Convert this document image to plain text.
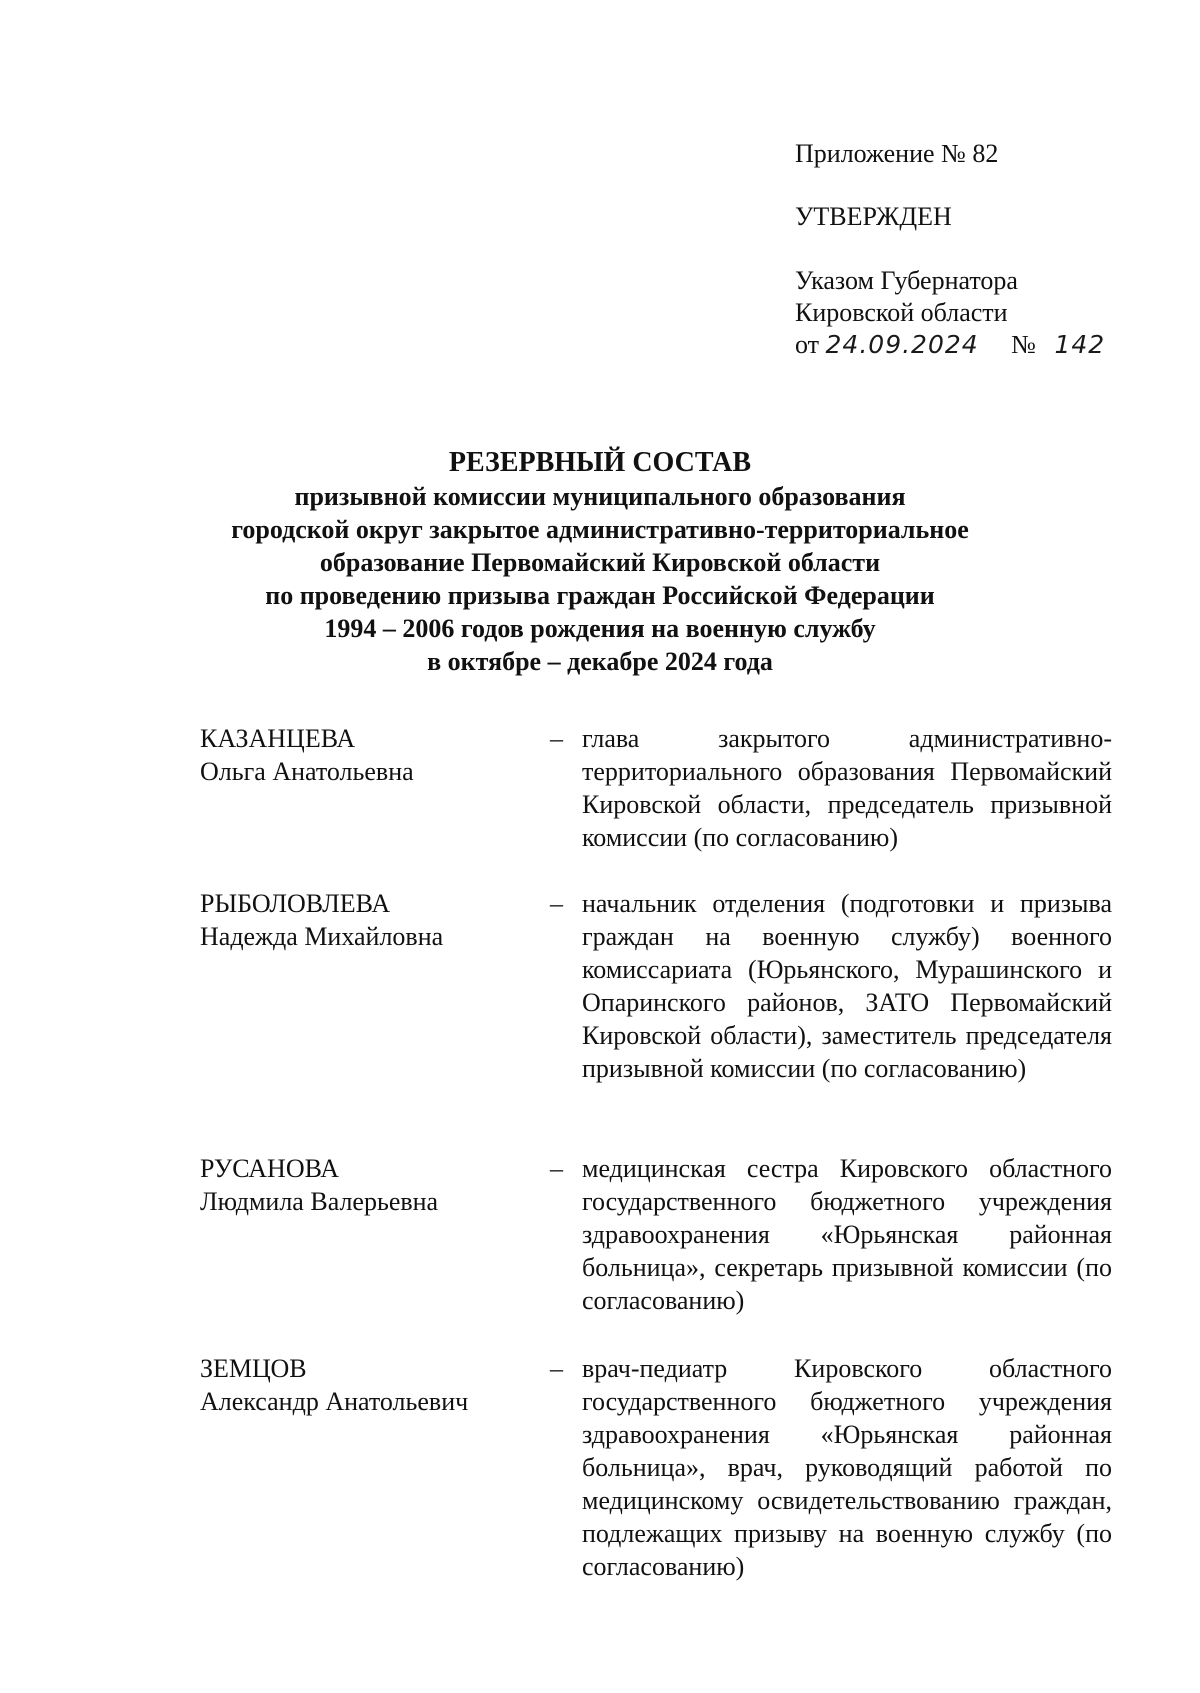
Приложение № 82
УТВЕРЖДЕН
Указом Губернатора
Кировской области
от 24.09.2024 № 142
РЕЗЕРВНЫЙ СОСТАВ
призывной комиссии муниципального образования
городской округ закрытое административно-территориальное
образование Первомайский Кировской области
по проведению призыва граждан Российской Федерации
1994 – 2006 годов рождения на военную службу
в октябре – декабре 2024 года
КАЗАНЦЕВА
Ольга Анатольевна
– глава закрытого административно-территориального образования Первомайский Кировской области, председатель призывной комиссии (по согласованию)
РЫБОЛОВЛЕВА
Надежда Михайловна
– начальник отделения (подготовки и призыва граждан на военную службу) военного комиссариата (Юрьянского, Мурашинского и Опаринского районов, ЗАТО Первомайский Кировской области), заместитель председателя призывной комиссии (по согласованию)
РУСАНОВА
Людмила Валерьевна
– медицинская сестра Кировского областного государственного бюджетного учреждения здравоохранения «Юрьянская районная больница», секретарь призывной комиссии (по согласованию)
ЗЕМЦОВ
Александр Анатольевич
– врач-педиатр Кировского областного государственного бюджетного учреждения здравоохранения «Юрьянская районная больница», врач, руководящий работой по медицинскому освидетельствованию граждан, подлежащих призыву на военную службу (по согласованию)
